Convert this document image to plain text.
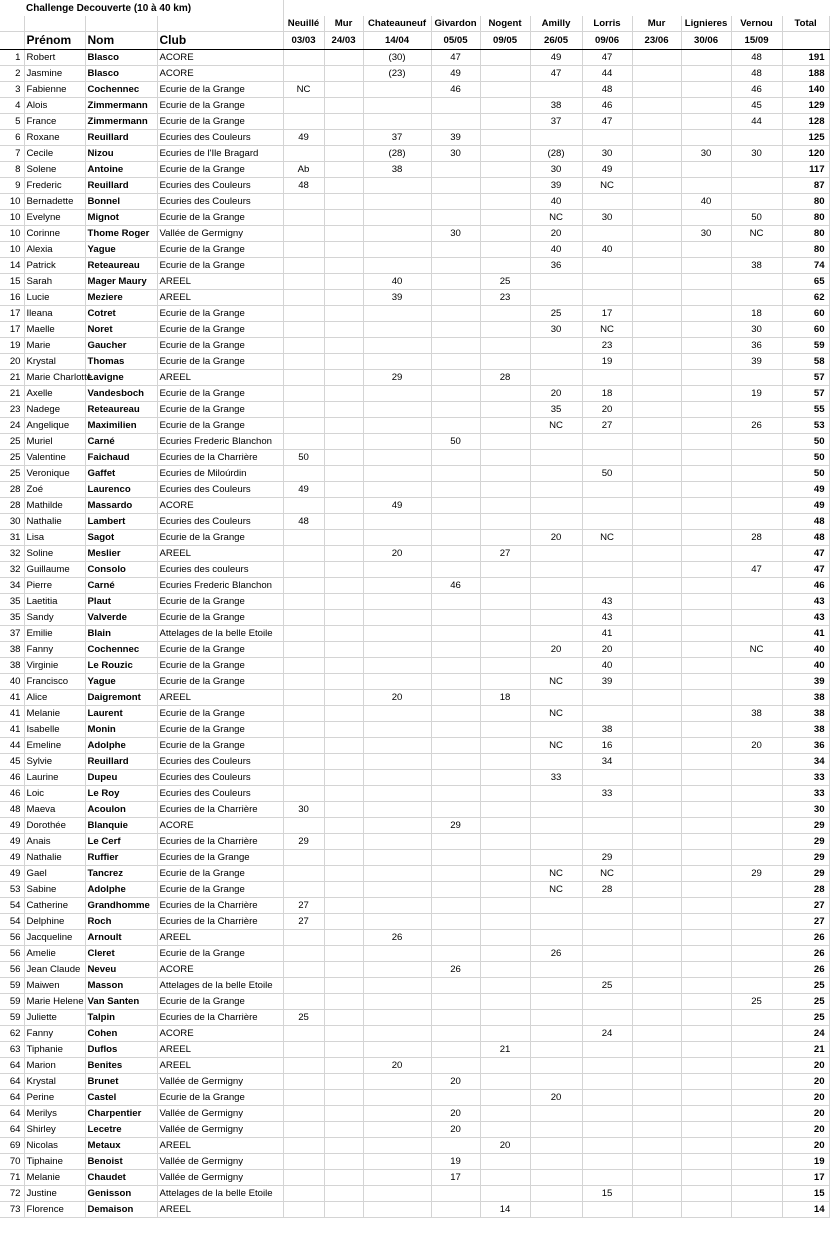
	Challenge Decouverte (10 à 40 km)													
				Neuillé	Mur	Chateauneuf	Givardon	Nogent	Amilly	Lorris	Mur	Lignieres	Vernou	Total
	Prénom	Nom	Club	03/03	24/03	14/04	05/05	09/05	26/05	09/06	23/06	30/06	15/09	
1	Robert	Blasco	ACORE			(30)	47		49	47			48	191
2	Jasmine	Blasco	ACORE			(23)	49		47	44			48	188
3	Fabienne	Cochennec	Ecurie de la Grange	NC			46			48			46	140
4	Alois	Zimmermann	Ecurie de la Grange						38	46			45	129
5	France	Zimmermann	Ecurie de la Grange						37	47			44	128
6	Roxane	Reuillard	Ecuries des Couleurs	49		37	39							125
7	Cecile	Nizou	Ecuries de l'Ile Bragard			(28)	30		(28)	30		30	30	120
8	Solene	Antoine	Ecurie de la Grange	Ab		38			30	49				117
9	Frederic	Reuillard	Ecuries des Couleurs	48					39	NC				87
10	Bernadette	Bonnel	Ecuries des Couleurs						40			40		80
10	Evelyne	Mignot	Ecurie de la Grange						NC	30			50	80
10	Corinne	Thome Roger	Vallée de Germigny				30		20			30	NC	80
10	Alexia	Yague	Ecurie de la Grange						40	40				80
14	Patrick	Reteaureau	Ecurie de la Grange						36				38	74
15	Sarah	Mager Maury	AREEL			40		25						65
16	Lucie	Meziere	AREEL			39		23						62
17	Ileana	Cotret	Ecurie de la Grange						25	17			18	60
17	Maelle	Noret	Ecurie de la Grange						30	NC			30	60
19	Marie	Gaucher	Ecurie de la Grange							23			36	59
20	Krystal	Thomas	Ecurie de la Grange							19			39	58
21	Marie Charlotte	Lavigne	AREEL			29		28						57
21	Axelle	Vandesboch	Ecurie de la Grange						20	18			19	57
23	Nadege	Reteaureau	Ecurie de la Grange						35	20				55
24	Angelique	Maximilien	Ecurie de la Grange						NC	27			26	53
25	Muriel	Carné	Ecuries Frederic Blanchon				50							50
25	Valentine	Faichaud	Ecuries de la Charrière	50										50
25	Veronique	Gaffet	Ecuries de Miloúrdin							50				50
28	Zoé	Laurenco	Ecuries des Couleurs	49										49
28	Mathilde	Massardo	ACORE			49								49
30	Nathalie	Lambert	Ecuries des Couleurs	48										48
31	Lisa	Sagot	Ecurie de la Grange						20	NC			28	48
32	Soline	Meslier	AREEL			20		27						47
32	Guillaume	Consolo	Ecuries des couleurs										47	47
34	Pierre	Carné	Ecuries Frederic Blanchon				46							46
35	Laetitia	Plaut	Ecurie de la Grange							43				43
35	Sandy	Valverde	Ecurie de la Grange							43				43
37	Emilie	Blain	Attelages de la belle Etoile							41				41
38	Fanny	Cochennec	Ecurie de la Grange						20	20			NC	40
38	Virginie	Le Rouzic	Ecurie de la Grange							40				40
40	Francisco	Yague	Ecurie de la Grange						NC	39				39
41	Alice	Daigremont	AREEL			20		18						38
41	Melanie	Laurent	Ecurie de la Grange						NC				38	38
41	Isabelle	Monin	Ecurie de la Grange							38				38
44	Emeline	Adolphe	Ecurie de la Grange						NC	16			20	36
45	Sylvie	Reuillard	Ecuries des Couleurs							34				34
46	Laurine	Dupeu	Ecuries des Couleurs						33					33
46	Loic	Le Roy	Ecuries des Couleurs							33				33
48	Maeva	Acoulon	Ecuries de la Charrière	30										30
49	Dorothée	Blanquie	ACORE				29							29
49	Anais	Le Cerf	Ecuries de la Charrière	29										29
49	Nathalie	Ruffier	Ecuries de la Grange							29				29
49	Gael	Tancrez	Ecurie de la Grange						NC	NC			29	29
53	Sabine	Adolphe	Ecurie de la Grange						NC	28				28
54	Catherine	Grandhomme	Ecuries de la Charrière	27										27
54	Delphine	Roch	Ecuries de la Charrière	27										27
56	Jacqueline	Arnoult	AREEL			26								26
56	Amelie	Cleret	Ecurie de la Grange						26					26
56	Jean Claude	Neveu	ACORE				26							26
59	Maiwen	Masson	Attelages de la belle Etoile							25				25
59	Marie Helene	Van Santen	Ecurie de la Grange										25	25
59	Juliette	Talpin	Ecuries de la Charrière	25										25
62	Fanny	Cohen	ACORE							24				24
63	Tiphanie	Duflos	AREEL					21						21
64	Marion	Benites	AREEL			20								20
64	Krystal	Brunet	Vallée de Germigny				20							20
64	Perine	Castel	Ecurie de la Grange						20					20
64	Merilys	Charpentier	Vallée de Germigny				20							20
64	Shirley	Lecetre	Vallée de Germigny				20							20
69	Nicolas	Metaux	AREEL					20						20
70	Tiphaine	Benoist	Vallée de Germigny				19							19
71	Melanie	Chaudet	Vallée de Germigny				17							17
72	Justine	Genisson	Attelages de la belle Etoile							15				15
73	Florence	Demaison	AREEL					14						14
